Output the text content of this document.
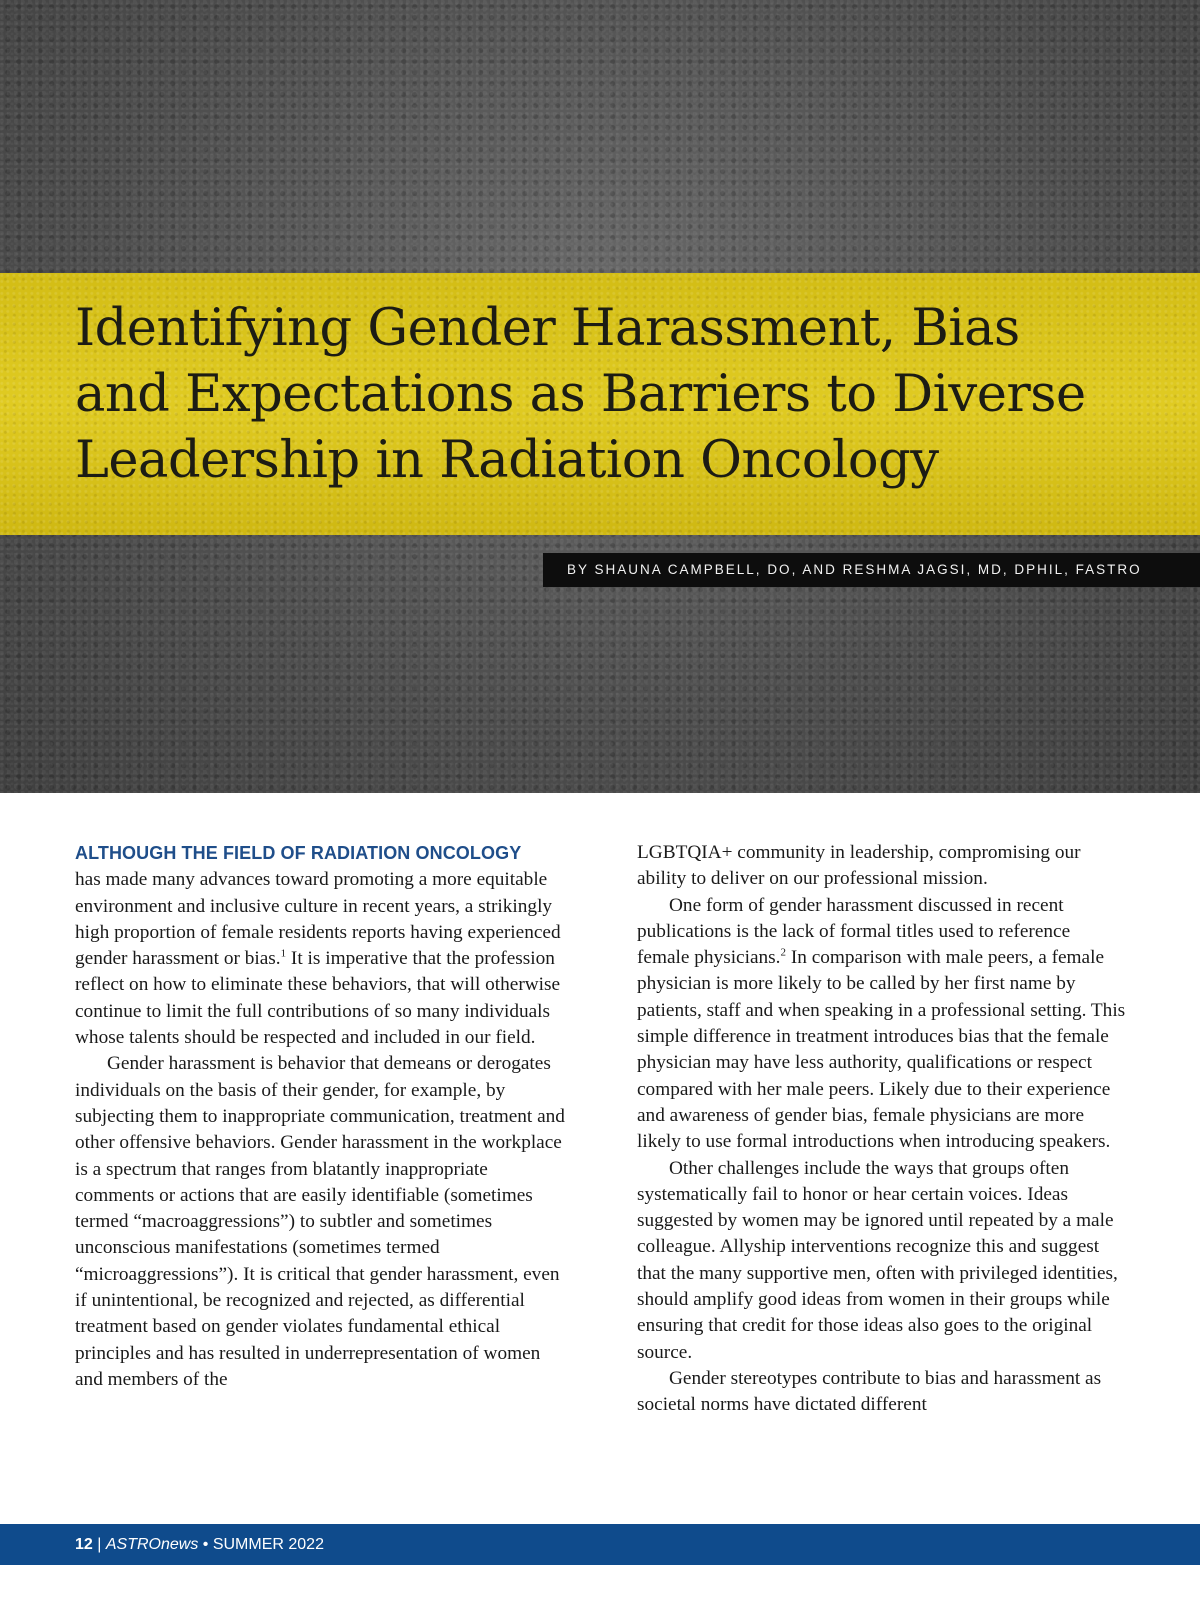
Identifying Gender Harassment, Bias
and Expectations as Barriers to Diverse
Leadership in Radiation Oncology
BY SHAUNA CAMPBELL, DO, AND RESHMA JAGSI, MD, DPHIL, FASTRO

ALTHOUGH THE FIELD OF RADIATION ONCOLOGY
has made many advances toward promoting a more equitable environment and inclusive culture in recent years, a strikingly high proportion of female residents reports having experienced gender harassment or bias.$^1$ It is imperative that the profession reflect on how to eliminate these behaviors, that will otherwise continue to limit the full contributions of so many individuals whose talents should be respected and included in our field.

Gender harassment is behavior that demeans or derogates individuals on the basis of their gender, for example, by subjecting them to inappropriate communication, treatment and other offensive behaviors. Gender harassment in the workplace is a spectrum that ranges from blatantly inappropriate comments or actions that are easily identifiable (sometimes termed “macroaggressions”) to subtler and sometimes unconscious manifestations (sometimes termed “microaggressions”). It is critical that gender harassment, even if unintentional, be recognized and rejected, as differential treatment based on gender violates fundamental ethical principles and has resulted in underrepresentation of women and members of the

LGBTQIA+ community in leadership, compromising our ability to deliver on our professional mission.

One form of gender harassment discussed in recent publications is the lack of formal titles used to reference female physicians.$^2$ In comparison with male peers, a female physician is more likely to be called by her first name by patients, staff and when speaking in a professional setting. This simple difference in treatment introduces bias that the female physician may have less authority, qualifications or respect compared with her male peers. Likely due to their experience and awareness of gender bias, female physicians are more likely to use formal introductions when introducing speakers.

Other challenges include the ways that groups often systematically fail to honor or hear certain voices. Ideas suggested by women may be ignored until repeated by a male colleague. Allyship interventions recognize this and suggest that the many supportive men, often with privileged identities, should amplify good ideas from women in their groups while ensuring that credit for those ideas also goes to the original source.

Gender stereotypes contribute to bias and harassment as societal norms have dictated different

12 | ASTROnews • SUMMER 2022
